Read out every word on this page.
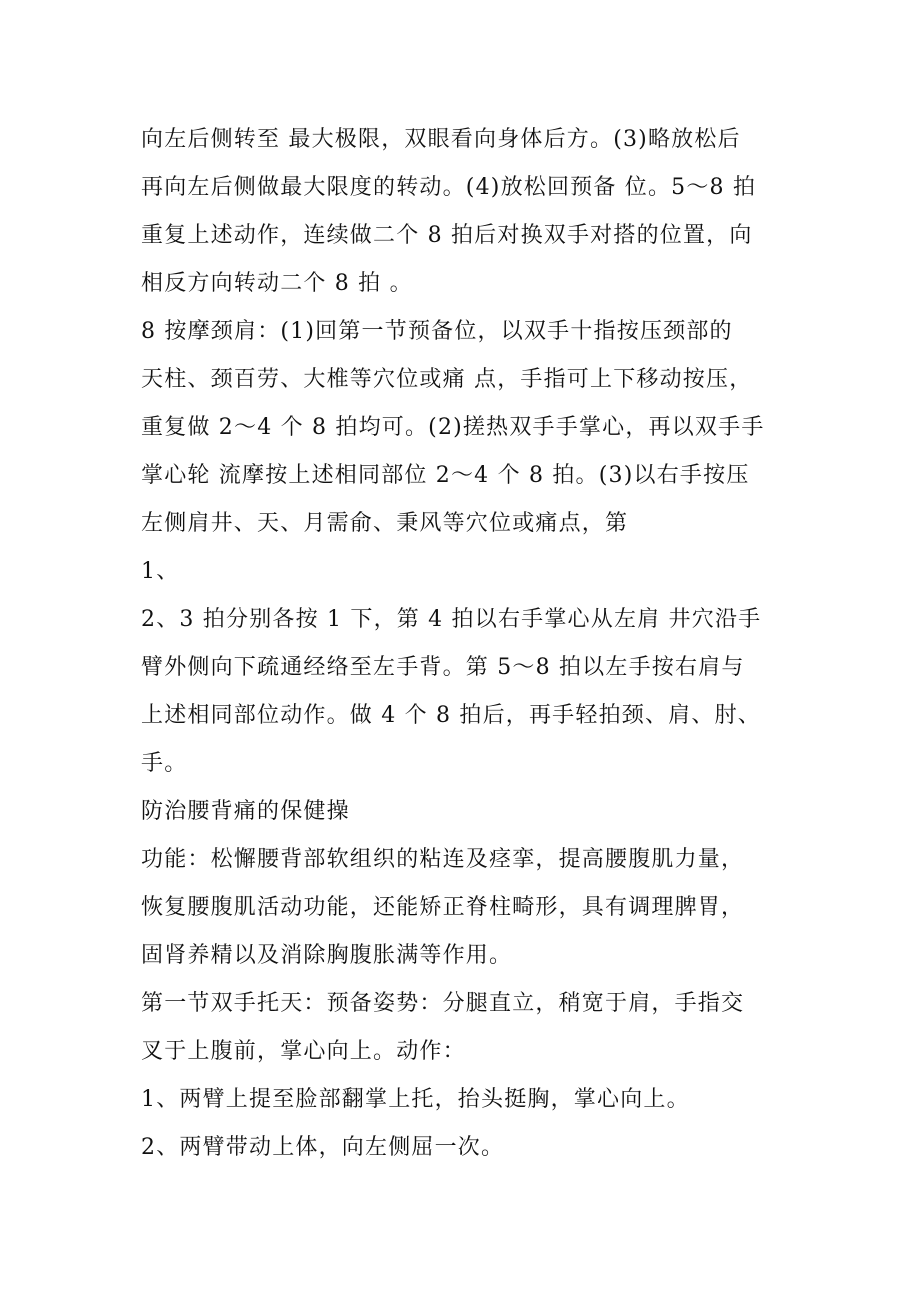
向左后侧转至 最大极限，双眼看向身体后方。(3)略放松后
再向左后侧做最大限度的转动。(4)放松回预备 位。5～8 拍
重复上述动作，连续做二个 8 拍后对换双手对搭的位置，向
相反方向转动二个 8 拍 。
8 按摩颈肩：(1)回第一节预备位，以双手十指按压颈部的
天柱、颈百劳、大椎等穴位或痛 点，手指可上下移动按压，
重复做 2～4 个 8 拍均可。(2)搓热双手手掌心，再以双手手
掌心轮 流摩按上述相同部位 2～4 个 8 拍。(3)以右手按压
左侧肩井、天、月需俞、秉风等穴位或痛点，第
1、
2、3 拍分别各按 1 下，第 4 拍以右手掌心从左肩 井穴沿手
臂外侧向下疏通经络至左手背。第 5～8 拍以左手按右肩与
上述相同部位动作。做 4 个 8 拍后，再手轻拍颈、肩、肘、
手。
防治腰背痛的保健操
功能：松懈腰背部软组织的粘连及痉挛，提高腰腹肌力量，
恢复腰腹肌活动功能，还能矫正脊柱畸形，具有调理脾胃，
固肾养精以及消除胸腹胀满等作用。
第一节双手托天：预备姿势：分腿直立，稍宽于肩，手指交
叉于上腹前，掌心向上。动作：
1、两臂上提至脸部翻掌上托，抬头挺胸，掌心向上。
2、两臂带动上体，向左侧屈一次。
